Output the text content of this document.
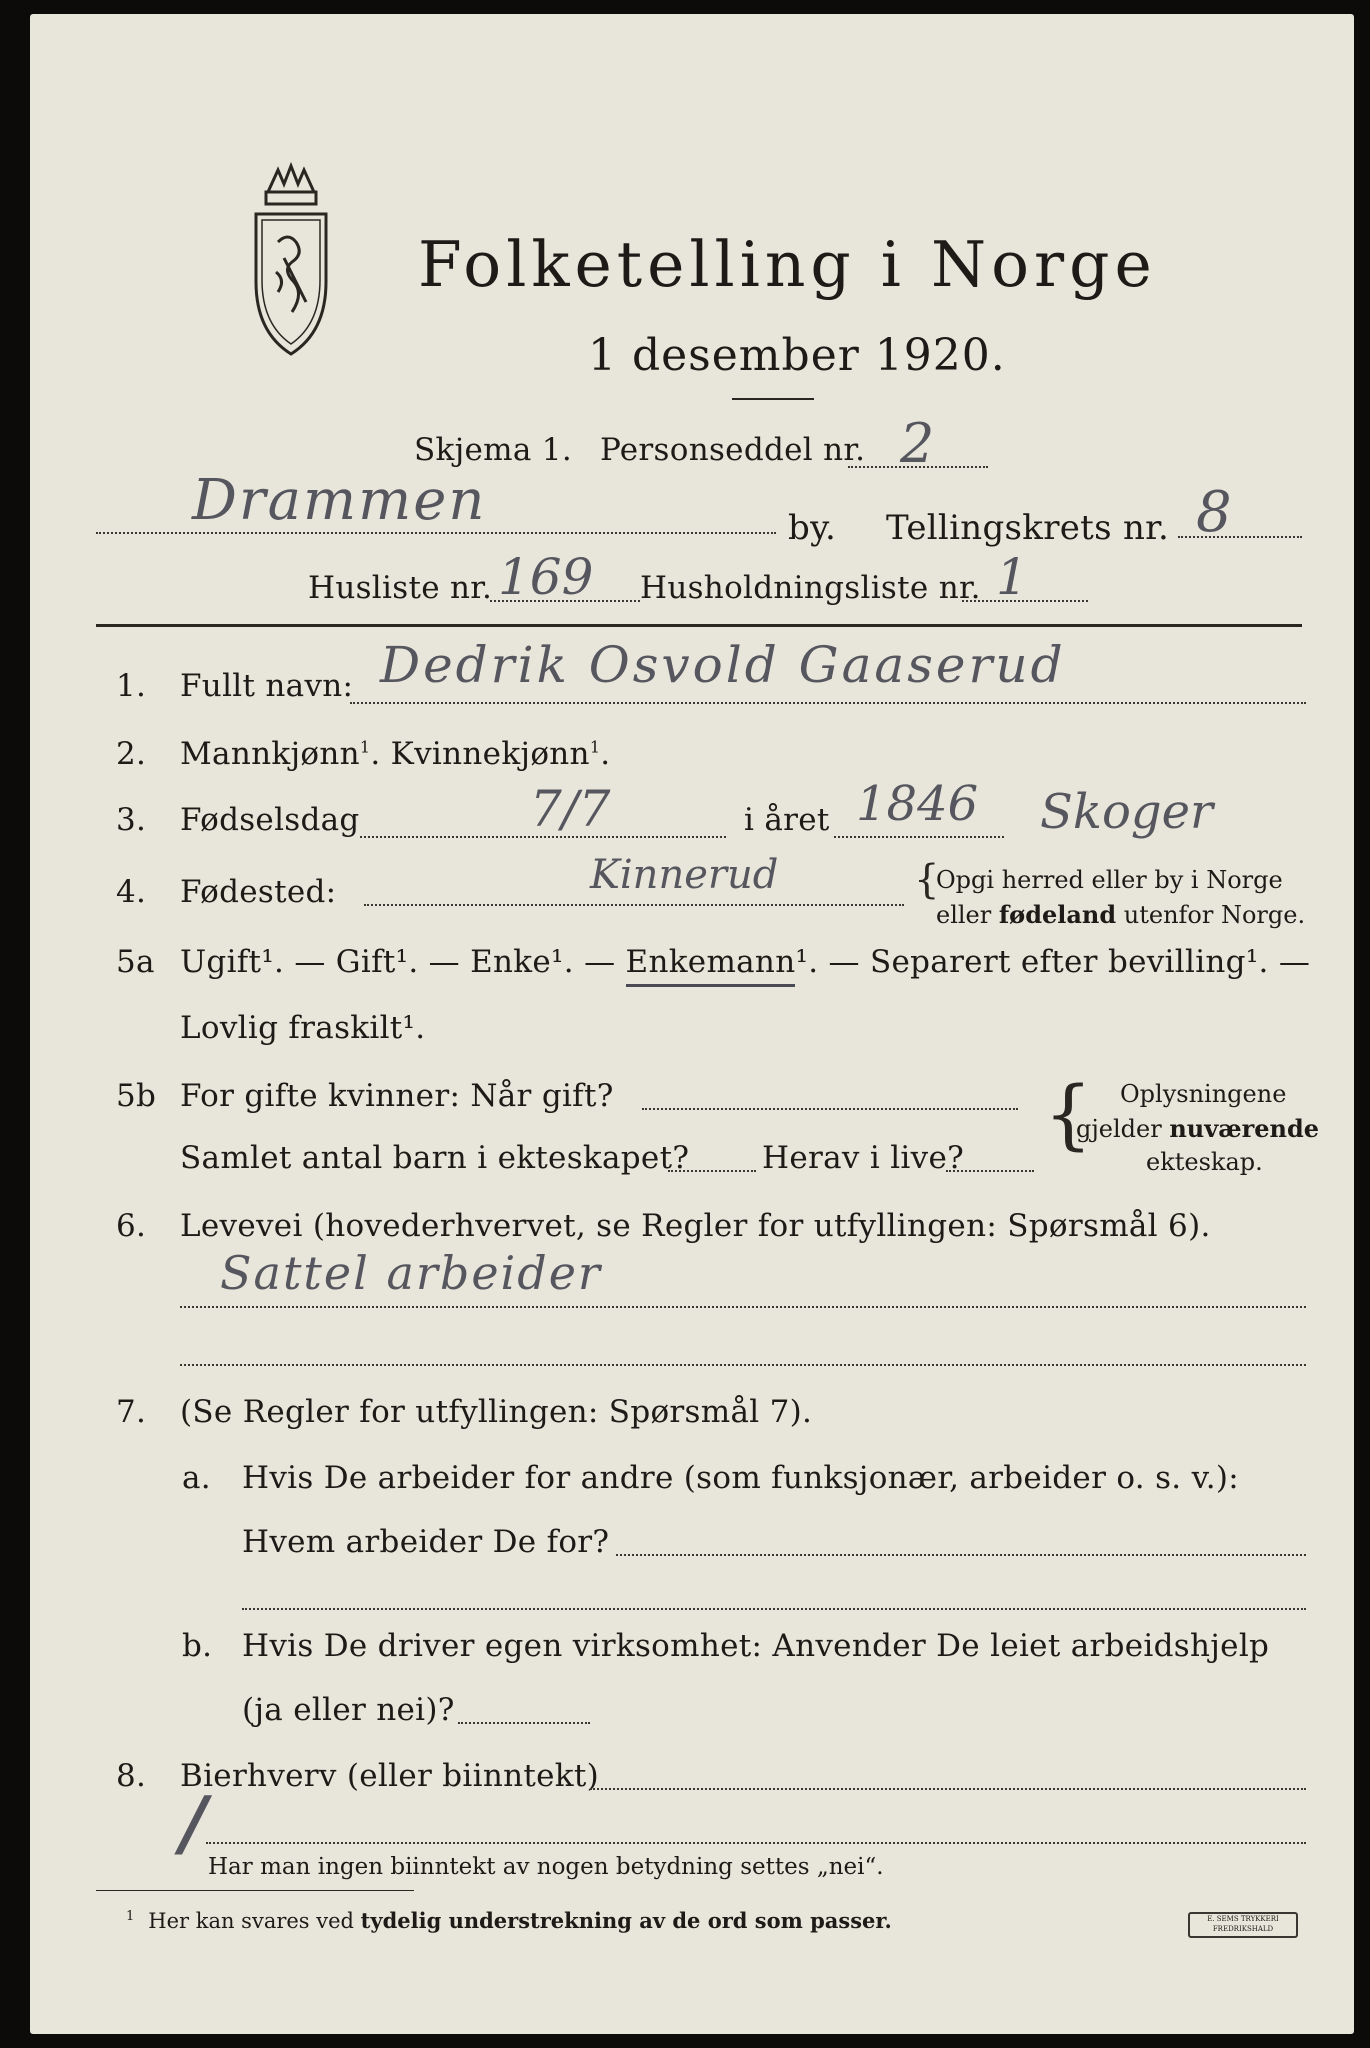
Folketelling i Norge
1 desember 1920.
Skjema 1. Personseddel nr. 2
Drammen	by. Tellingskrets nr. 8
Husliste nr. 169 Husholdningsliste nr. 1
1. Fullt navn: Dedrik Osvold Gaaserud
2. Mannkjønn$^1$. Kvinnekjønn$^1$.
3. Fødselsdag	7/7	i året 1846 Skoger
4. Fødested:	Kinnerud	{
Opgi herred eller by i Norge
eller fødeland utenfor Norge.
5a Ugift¹. — Gift¹. — Enke¹. — Enkemann¹. — Separert efter bevilling¹. —
Lovlig fraskilt¹.
5b For gifte kvinner: Når gift?
Samlet antal barn i ekteskapet? Herav i live? { Oplysningene
gjelder nuværende
ekteskap.
6. Levevei (hovederhvervet, se Regler for utfyllingen: Spørsmål 6).
Sattel arbeider
7. (Se Regler for utfyllingen: Spørsmål 7).
a. Hvis De arbeider for andre (som funksjonær, arbeider o. s. v.):
Hvem arbeider De for?
b. Hvis De driver egen virksomhet: Anvender De leiet arbeidshjelp
(ja eller nei)?
8. Bierhverv (eller biinntekt)
/
Har man ingen biinntekt av nogen betydning settes „nei“.
$^1$ Her kan svares ved tydelig understrekning av de ord som passer.	E. SEMS TRYKKERI
FREDRIKSHALD
